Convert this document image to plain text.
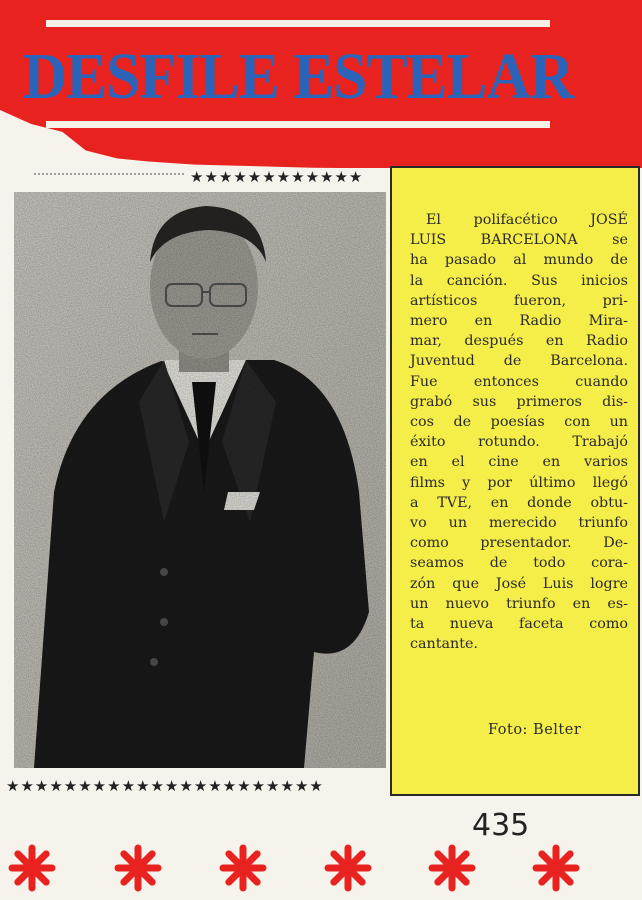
DESFILE ESTELAR
★★★★★★★★★★★★
★★★★★★★★★★★★★★★★★★★★★★
El polifacético JOSÉ
LUIS BARCELONA se
ha pasado al mundo de
la canción. Sus inicios
artísticos fueron, pri-
mero en Radio Mira-
mar, después en Radio
Juventud de Barcelona.
Fue entonces cuando
grabó sus primeros dis-
cos de poesías con un
éxito rotundo. Trabajó
en el cine en varios
films y por último llegó
a TVE, en donde obtu-
vo un merecido triunfo
como presentador. De-
seamos de todo cora-
zón que José Luis logre
un nuevo triunfo en es-
ta nueva faceta como
cantante.
Foto: Belter
435
